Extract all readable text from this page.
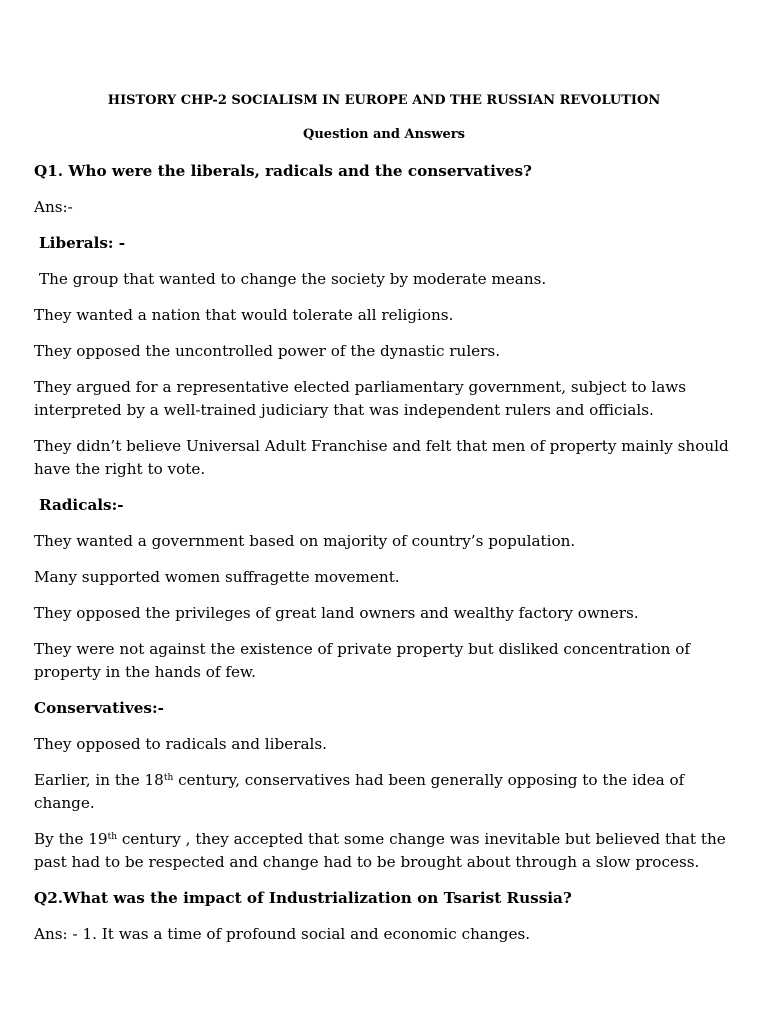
HISTORY CHP-2 SOCIALISM IN EUROPE AND THE RUSSIAN REVOLUTION
Question and Answers

Q1. Who were the liberals, radicals and the conservatives?

Ans:-

Liberals: -

The group that wanted to change the society by moderate means.

They wanted a nation that would tolerate all religions.

They opposed the uncontrolled power of the dynastic rulers.

They argued for a representative elected parliamentary government, subject to laws interpreted by a well-trained judiciary that was independent rulers and officials.

They didn’t believe Universal Adult Franchise and felt that men of property mainly should have the right to vote.

Radicals:-

They wanted a government based on majority of country’s population.

Many supported women suffragette movement.

They opposed the privileges of great land owners and wealthy factory owners.

They were not against the existence of private property but disliked concentration of property in the hands of few.

Conservatives:-

They opposed to radicals and liberals.

Earlier, in the 18th century, conservatives had been generally opposing to the idea of change.

By the 19th century , they accepted that some change was inevitable but believed that the past had to be respected and change had to be brought about through a slow process.

Q2.What was the impact of Industrialization on Tsarist Russia?

Ans: - 1. It was a time of profound social and economic changes.
